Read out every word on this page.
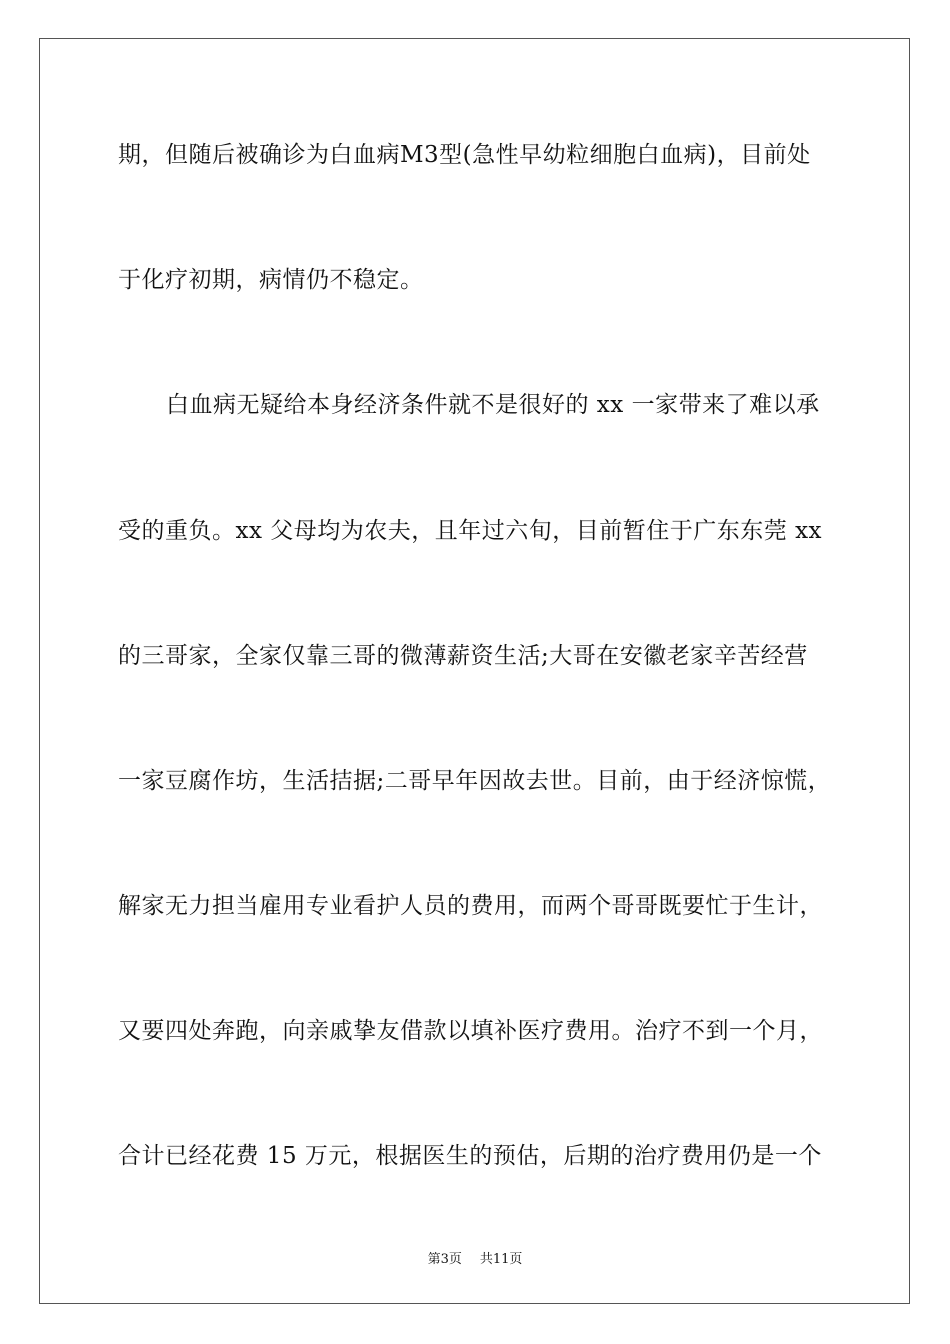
期，但随后被确诊为白血病M3型(急性早幼粒细胞白血病)，目前处
于化疗初期，病情仍不稳定。
白血病无疑给本身经济条件就不是很好的 xx 一家带来了难以承
受的重负。xx 父母均为农夫，且年过六旬，目前暂住于广东东莞 xx
的三哥家，全家仅靠三哥的微薄薪资生活;大哥在安徽老家辛苦经营
一家豆腐作坊，生活拮据;二哥早年因故去世。目前，由于经济惊慌，
解家无力担当雇用专业看护人员的费用，而两个哥哥既要忙于生计，
又要四处奔跑，向亲戚挚友借款以填补医疗费用。治疗不到一个月，
合计已经花费 15 万元，根据医生的预估，后期的治疗费用仍是一个
第3页 共11页
